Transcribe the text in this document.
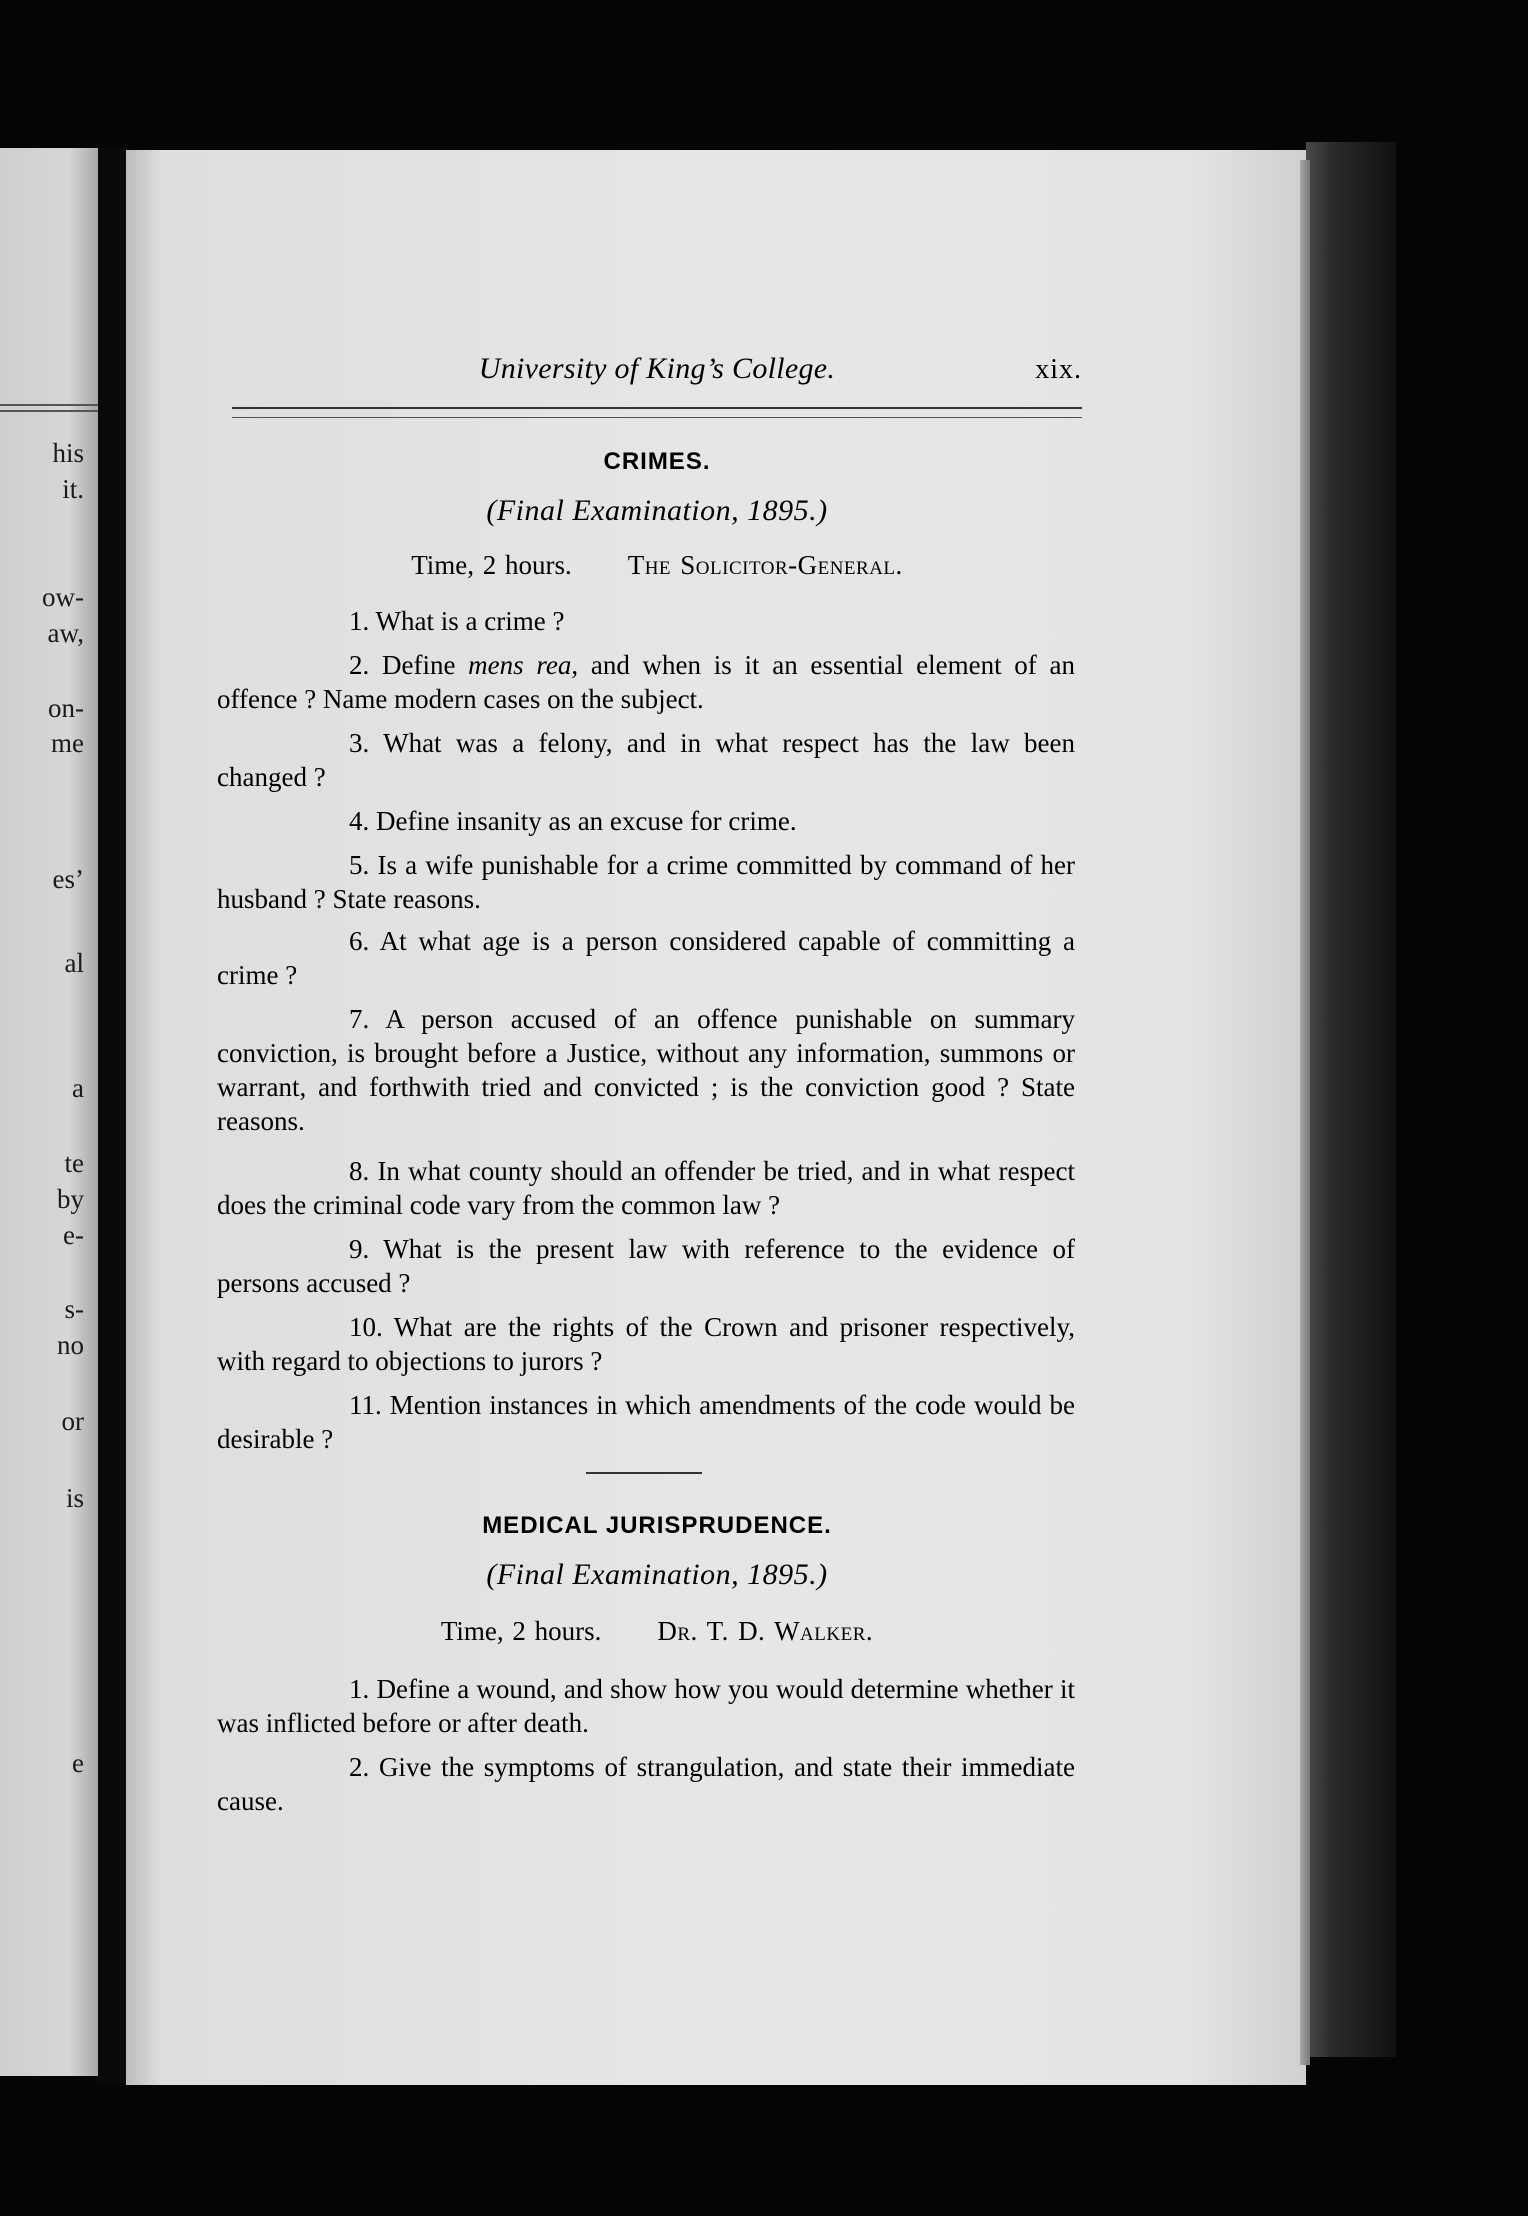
his
it.
ow-
aw,
on-
me
es’
al
a
te
by
e-
s-
no
or
is
e
University of King’s College.	xix.
CRIMES.
(Final Examination, 1895.)
Time, 2 hours. The Solicitor-General.
1. What is a crime ?
2. Define mens rea, and when is it an essential element of an offence ? Name modern cases on the subject.
3. What was a felony, and in what respect has the law been changed ?
4. Define insanity as an excuse for crime.
5. Is a wife punishable for a crime committed by command of her husband ? State reasons.
6. At what age is a person considered capable of committing a crime ?
7. A person accused of an offence punishable on summary conviction, is brought before a Justice, without any information, summons or warrant, and forthwith tried and convicted ; is the conviction good ? State reasons.
8. In what county should an offender be tried, and in what respect does the criminal code vary from the common law ?
9. What is the present law with reference to the evidence of persons accused ?
10. What are the rights of the Crown and prisoner respectively, with regard to objections to jurors ?
11. Mention instances in which amendments of the code would be desirable ?
MEDICAL JURISPRUDENCE.
(Final Examination, 1895.)
Time, 2 hours. Dr. T. D. Walker.
1. Define a wound, and show how you would determine whether it was inflicted before or after death.
2. Give the symptoms of strangulation, and state their immediate cause.
